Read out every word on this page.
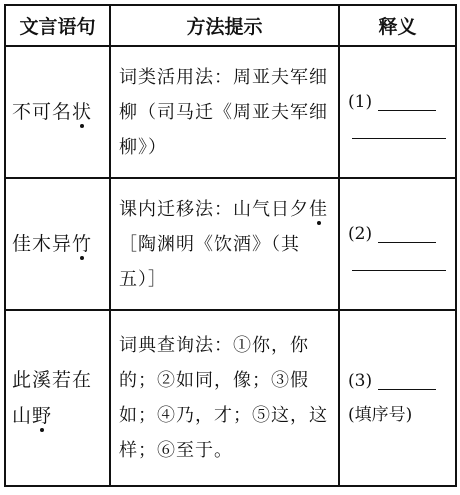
文言语句	方法提示	释义

不可名状	词类活用法：周亚夫军细柳（司马迁《周亚夫军细柳》）	(1)

佳木异竹	课内迁移法：山气日夕佳［陶渊明《饮酒》（其五）］	(2)

此溪若在山野	词典查询法：①你，你的；②如同，像；③假如；④乃，才；⑤这，这样；⑥至于。	(3)
(填序号)
